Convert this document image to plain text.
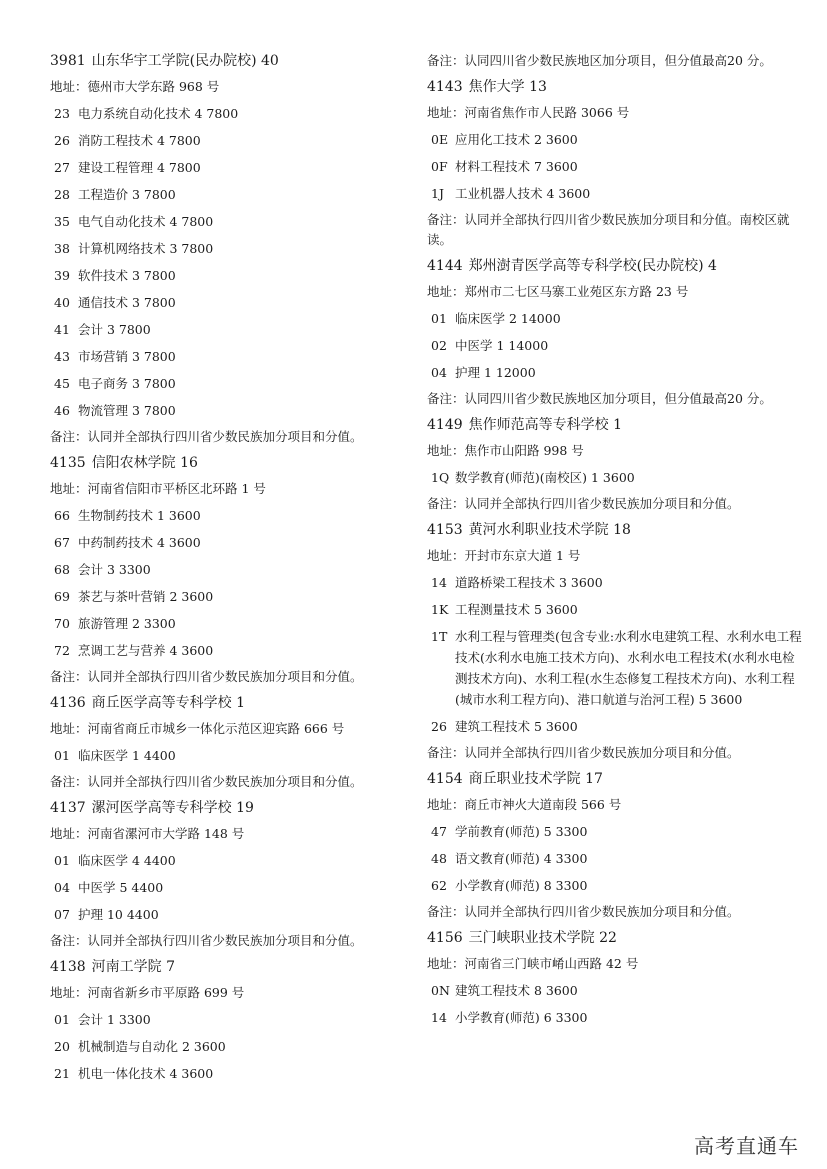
3981 山东华宇工学院(民办院校) 40
地址：德州市大学东路 968 号
23 电力系统自动化技术 4 7800
26 消防工程技术 4 7800
27 建设工程管理 4 7800
28 工程造价 3 7800
35 电气自动化技术 4 7800
38 计算机网络技术 3 7800
39 软件技术 3 7800
40 通信技术 3 7800
41 会计 3 7800
43 市场营销 3 7800
45 电子商务 3 7800
46 物流管理 3 7800
备注：认同并全部执行四川省少数民族加分项目和分值。
4135 信阳农林学院 16
地址：河南省信阳市平桥区北环路 1 号
66 生物制药技术 1 3600
67 中药制药技术 4 3600
68 会计 3 3300
69 茶艺与茶叶营销 2 3600
70 旅游管理 2 3300
72 烹调工艺与营养 4 3600
备注：认同并全部执行四川省少数民族加分项目和分值。
4136 商丘医学高等专科学校 1
地址：河南省商丘市城乡一体化示范区迎宾路 666 号
01 临床医学 1 4400
备注：认同并全部执行四川省少数民族加分项目和分值。
4137 漯河医学高等专科学校 19
地址：河南省漯河市大学路 148 号
01 临床医学 4 4400
04 中医学 5 4400
07 护理 10 4400
备注：认同并全部执行四川省少数民族加分项目和分值。
4138 河南工学院 7
地址：河南省新乡市平原路 699 号
01 会计 1 3300
20 机械制造与自动化 2 3600
21 机电一体化技术 4 3600
备注：认同四川省少数民族地区加分项目，但分值最高20 分。
4143 焦作大学 13
地址：河南省焦作市人民路 3066 号
0E 应用化工技术 2 3600
0F 材料工程技术 7 3600
1J 工业机器人技术 4 3600
备注：认同并全部执行四川省少数民族加分项目和分值。南校区就读。
4144 郑州澍青医学高等专科学校(民办院校) 4
地址：郑州市二七区马寨工业苑区东方路 23 号
01 临床医学 2 14000
02 中医学 1 14000
04 护理 1 12000
备注：认同四川省少数民族地区加分项目，但分值最高20 分。
4149 焦作师范高等专科学校 1
地址：焦作市山阳路 998 号
1Q 数学教育(师范)(南校区) 1 3600
备注：认同并全部执行四川省少数民族加分项目和分值。
4153 黄河水利职业技术学院 18
地址：开封市东京大道 1 号
14 道路桥梁工程技术 3 3600
1K 工程测量技术 5 3600
1T 水利工程与管理类(包含专业:水利水电建筑工程、水利水电工程技术(水利水电施工技术方向)、水利水电工程技术(水利水电检测技术方向)、水利工程(水生态修复工程技术方向)、水利工程(城市水利工程方向)、港口航道与治河工程) 5 3600
26 建筑工程技术 5 3600
备注：认同并全部执行四川省少数民族加分项目和分值。
4154 商丘职业技术学院 17
地址：商丘市神火大道南段 566 号
47 学前教育(师范) 5 3300
48 语文教育(师范) 4 3300
62 小学教育(师范) 8 3300
备注：认同并全部执行四川省少数民族加分项目和分值。
4156 三门峡职业技术学院 22
地址：河南省三门峡市崤山西路 42 号
0N 建筑工程技术 8 3600
14 小学教育(师范) 6 3300
高考直通车
